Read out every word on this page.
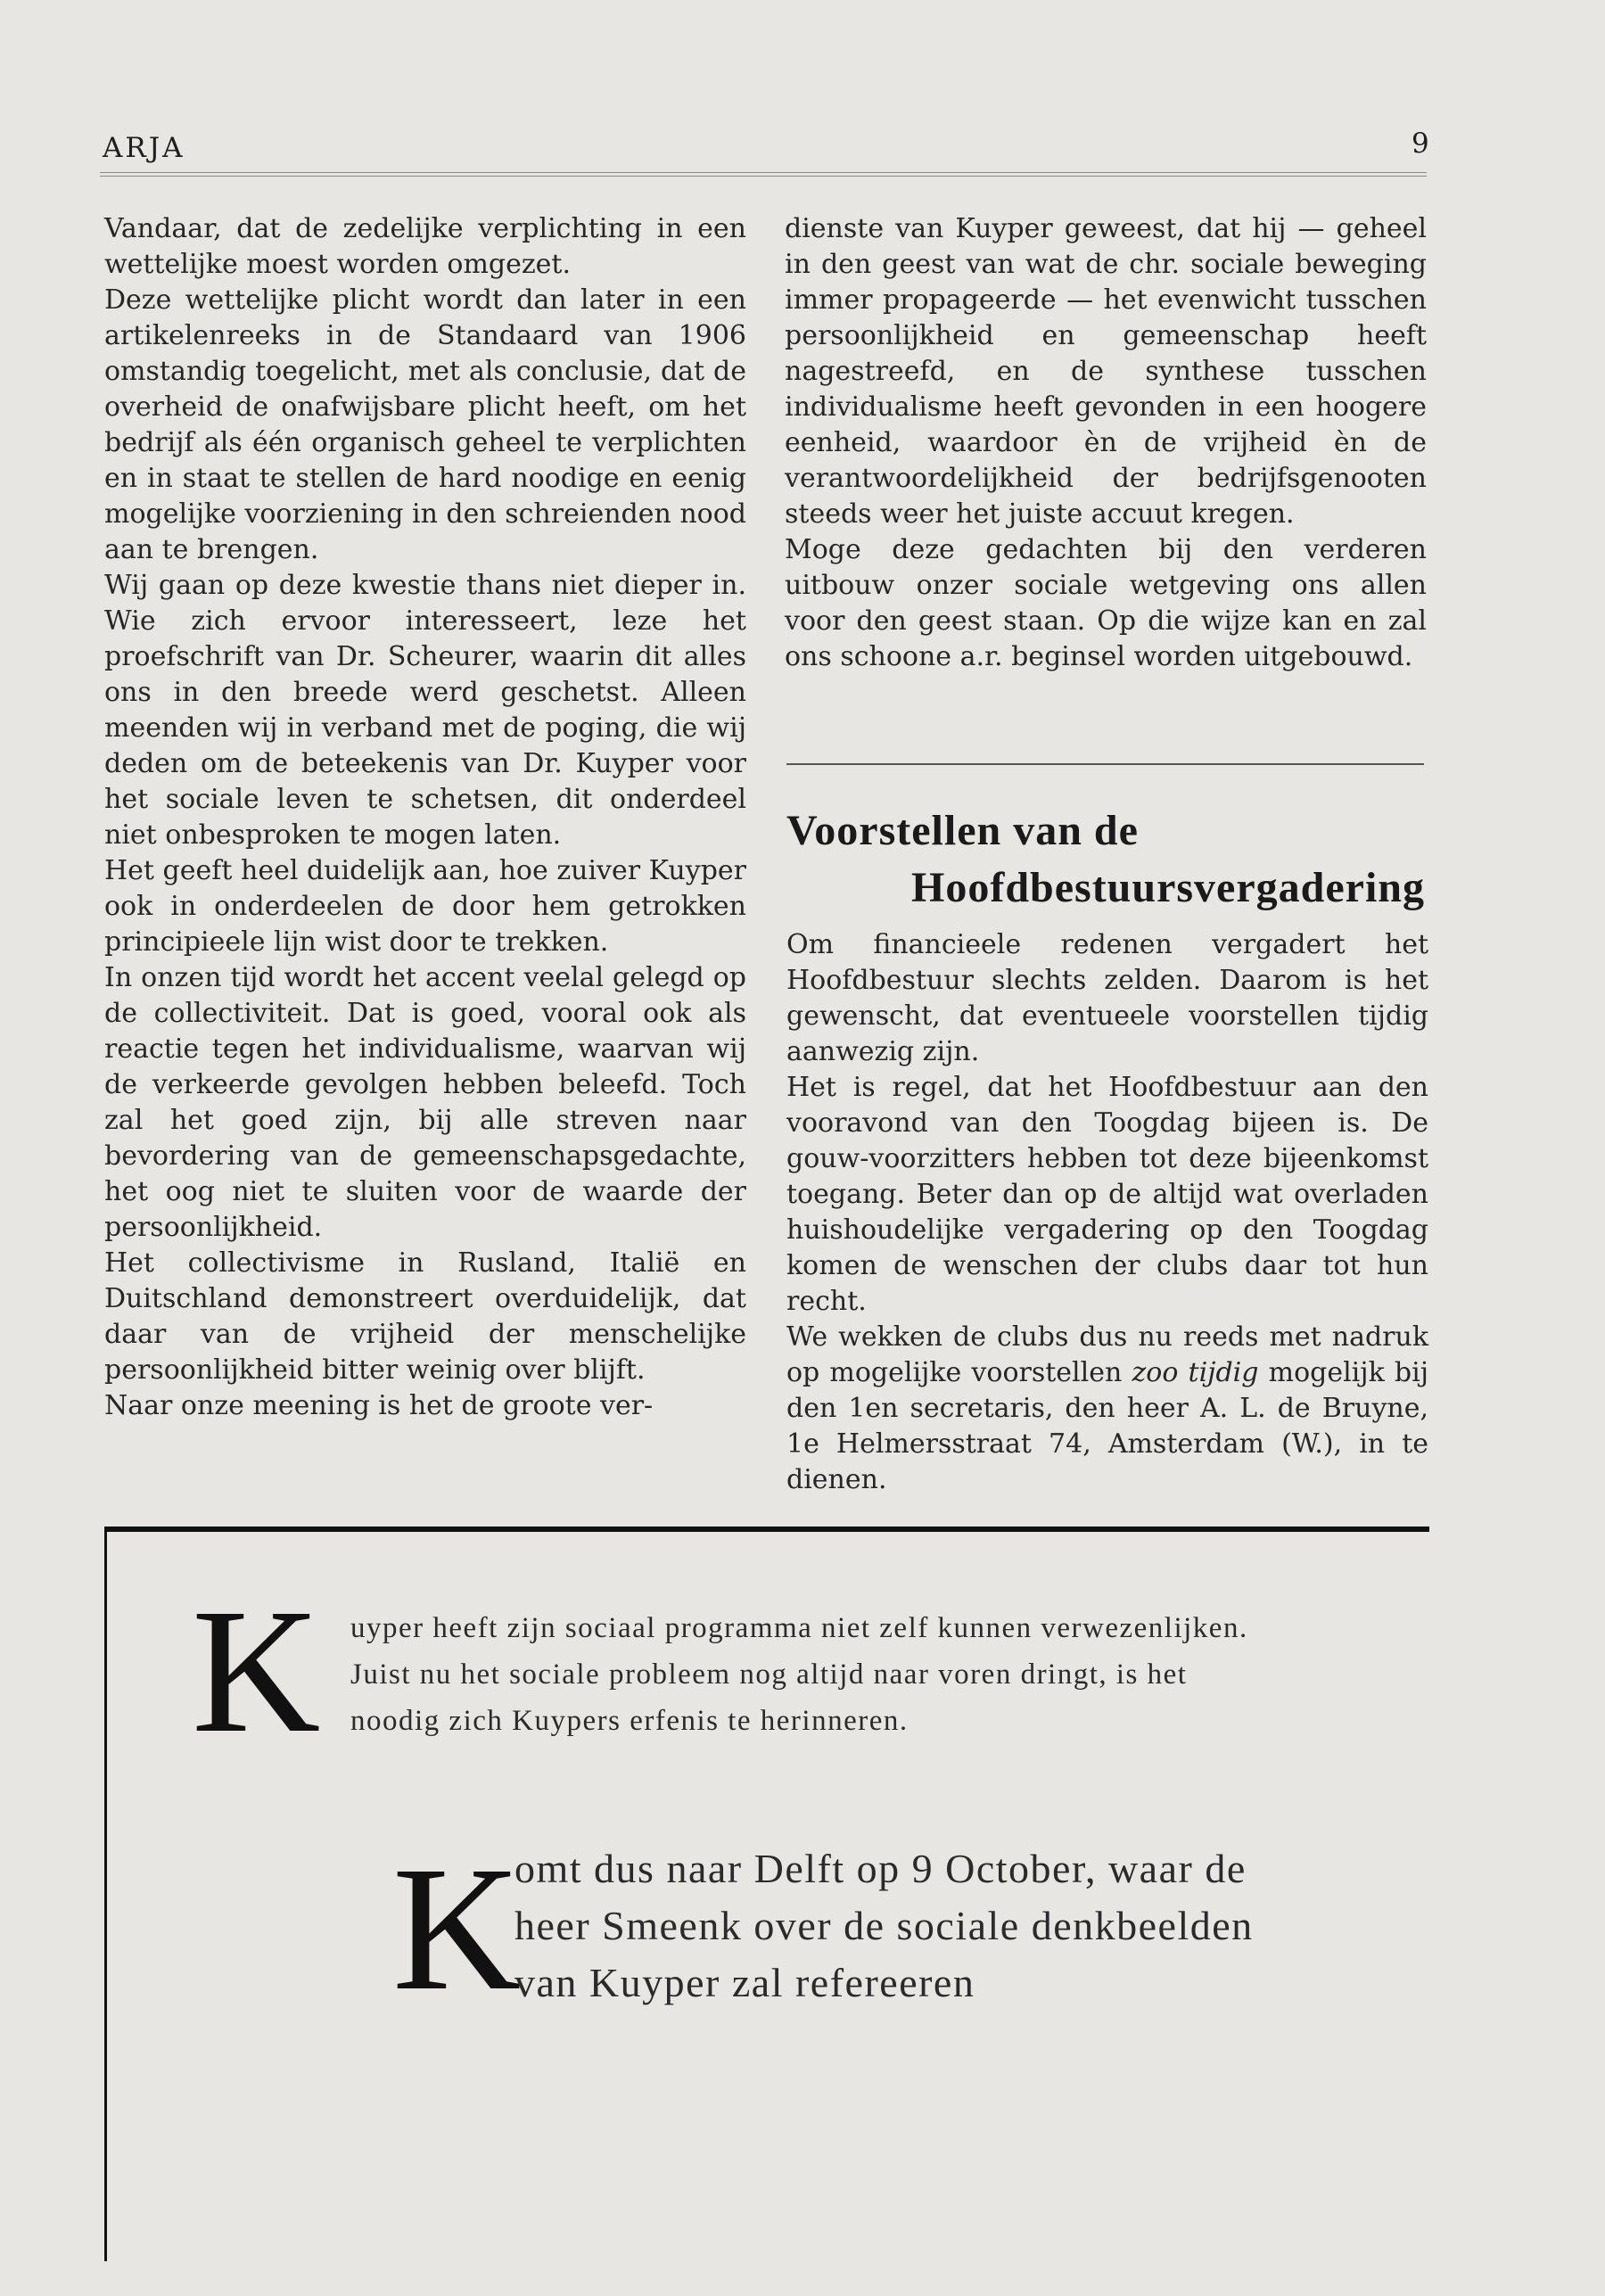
ARJA	9

Vandaar, dat de zedelijke verplichting in een wettelijke moest worden omgezet.

Deze wettelijke plicht wordt dan later in een artikelenreeks in de Standaard van 1906 omstandig toegelicht, met als conclusie, dat de overheid de onafwijsbare plicht heeft, om het bedrijf als één organisch geheel te verplichten en in staat te stellen de hard noodige en eenig mogelijke voorziening in den schreienden nood aan te brengen.

Wij gaan op deze kwestie thans niet dieper in. Wie zich ervoor interesseert, leze het proefschrift van Dr. Scheurer, waarin dit alles ons in den breede werd geschetst. Alleen meenden wij in verband met de poging, die wij deden om de beteekenis van Dr. Kuyper voor het sociale leven te schetsen, dit onderdeel niet onbesproken te mogen laten.

Het geeft heel duidelijk aan, hoe zuiver Kuyper ook in onderdeelen de door hem getrokken principieele lijn wist door te trekken.

In onzen tijd wordt het accent veelal gelegd op de collectiviteit. Dat is goed, vooral ook als reactie tegen het individualisme, waarvan wij de verkeerde gevolgen hebben beleefd. Toch zal het goed zijn, bij alle streven naar bevordering van de gemeenschapsgedachte, het oog niet te sluiten voor de waarde der persoonlijkheid.

Het collectivisme in Rusland, Italië en Duitschland demonstreert overduidelijk, dat daar van de vrijheid der menschelijke persoonlijkheid bitter weinig over blijft.

Naar onze meening is het de groote ver-

dienste van Kuyper geweest, dat hij — geheel in den geest van wat de chr. sociale beweging immer propageerde — het evenwicht tusschen persoonlijkheid en gemeenschap heeft nagestreefd, en de synthese tusschen individualisme heeft gevonden in een hoogere eenheid, waardoor èn de vrijheid èn de verantwoordelijkheid der bedrijfsgenooten steeds weer het juiste accuut kregen.

Moge deze gedachten bij den verderen uitbouw onzer sociale wetgeving ons allen voor den geest staan. Op die wijze kan en zal ons schoone a.r. beginsel worden uitgebouwd.

Voorstellen van de
Hoofdbestuursvergadering

Om financieele redenen vergadert het Hoofdbestuur slechts zelden. Daarom is het gewenscht, dat eventueele voorstellen tijdig aanwezig zijn.

Het is regel, dat het Hoofdbestuur aan den vooravond van den Toogdag bijeen is. De gouw-voorzitters hebben tot deze bijeenkomst toegang. Beter dan op de altijd wat overladen huishoudelijke vergadering op den Toogdag komen de wenschen der clubs daar tot hun recht.

We wekken de clubs dus nu reeds met nadruk op mogelijke voorstellen zoo tijdig mogelijk bij den 1en secretaris, den heer A. L. de Bruyne, 1e Helmersstraat 74, Amsterdam (W.), in te dienen.

K uyper heeft zijn sociaal programma niet zelf kunnen verwezenlijken.
Juist nu het sociale probleem nog altijd naar voren dringt, is het
noodig zich Kuypers erfenis te herinneren.
K
omt dus naar Delft op 9 October, waar de
heer Smeenk over de sociale denkbeelden
van Kuyper zal refereeren
